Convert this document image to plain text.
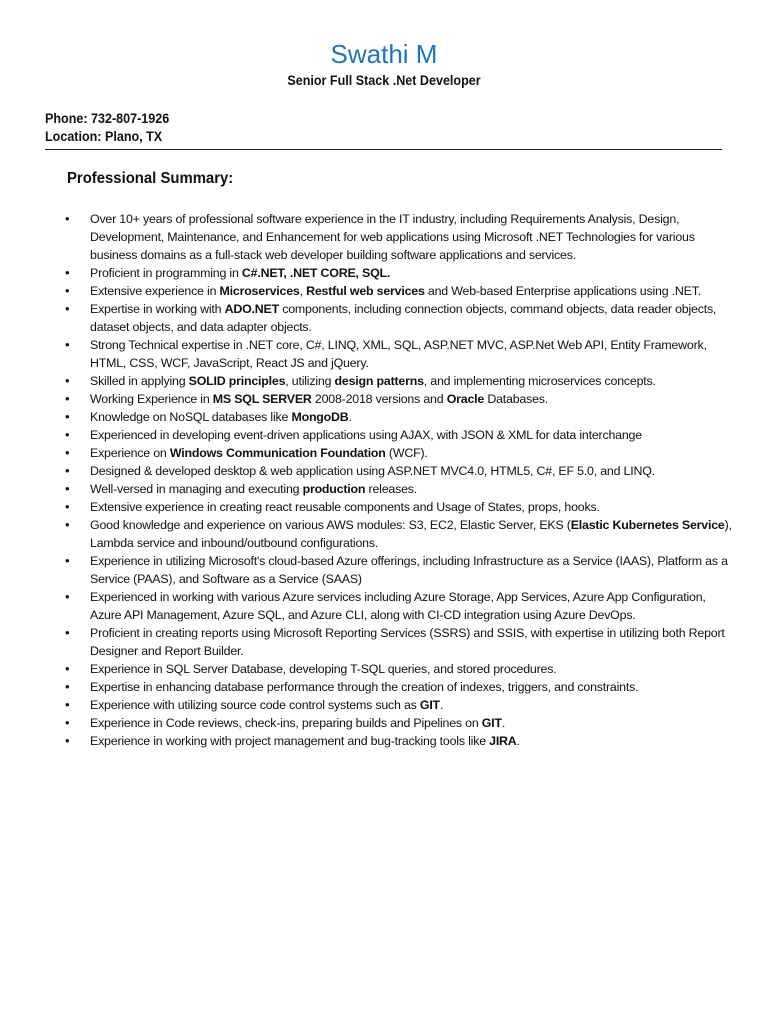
Swathi M
Senior Full Stack .Net Developer
Phone: 732-807-1926
Location: Plano, TX
Professional Summary:
• Over 10+ years of professional software experience in the IT industry, including Requirements Analysis, Design, Development, Maintenance, and Enhancement for web applications using Microsoft .NET Technologies for various business domains as a full-stack web developer building software applications and services.
• Proficient in programming in C#.NET, .NET CORE, SQL.
• Extensive experience in Microservices, Restful web services and Web-based Enterprise applications using .NET.
• Expertise in working with ADO.NET components, including connection objects, command objects, data reader objects, dataset objects, and data adapter objects.
• Strong Technical expertise in .NET core, C#, LINQ, XML, SQL, ASP.NET MVC, ASP.Net Web API, Entity Framework, HTML, CSS, WCF, JavaScript, React JS and jQuery.
• Skilled in applying SOLID principles, utilizing design patterns, and implementing microservices concepts.
• Working Experience in MS SQL SERVER 2008-2018 versions and Oracle Databases.
• Knowledge on NoSQL databases like MongoDB.
• Experienced in developing event-driven applications using AJAX, with JSON & XML for data interchange
• Experience on Windows Communication Foundation (WCF).
• Designed & developed desktop & web application using ASP.NET MVC4.0, HTML5, C#, EF 5.0, and LINQ.
• Well-versed in managing and executing production releases.
• Extensive experience in creating react reusable components and Usage of States, props, hooks.
• Good knowledge and experience on various AWS modules: S3, EC2, Elastic Server, EKS (Elastic Kubernetes Service), Lambda service and inbound/outbound configurations.
• Experience in utilizing Microsoft's cloud-based Azure offerings, including Infrastructure as a Service (IAAS), Platform as a Service (PAAS), and Software as a Service (SAAS)
• Experienced in working with various Azure services including Azure Storage, App Services, Azure App Configuration, Azure API Management, Azure SQL, and Azure CLI, along with CI-CD integration using Azure DevOps.
• Proficient in creating reports using Microsoft Reporting Services (SSRS) and SSIS, with expertise in utilizing both Report Designer and Report Builder.
• Experience in SQL Server Database, developing T-SQL queries, and stored procedures.
• Expertise in enhancing database performance through the creation of indexes, triggers, and constraints.
• Experience with utilizing source code control systems such as GIT.
• Experience in Code reviews, check-ins, preparing builds and Pipelines on GIT.
• Experience in working with project management and bug-tracking tools like JIRA.
